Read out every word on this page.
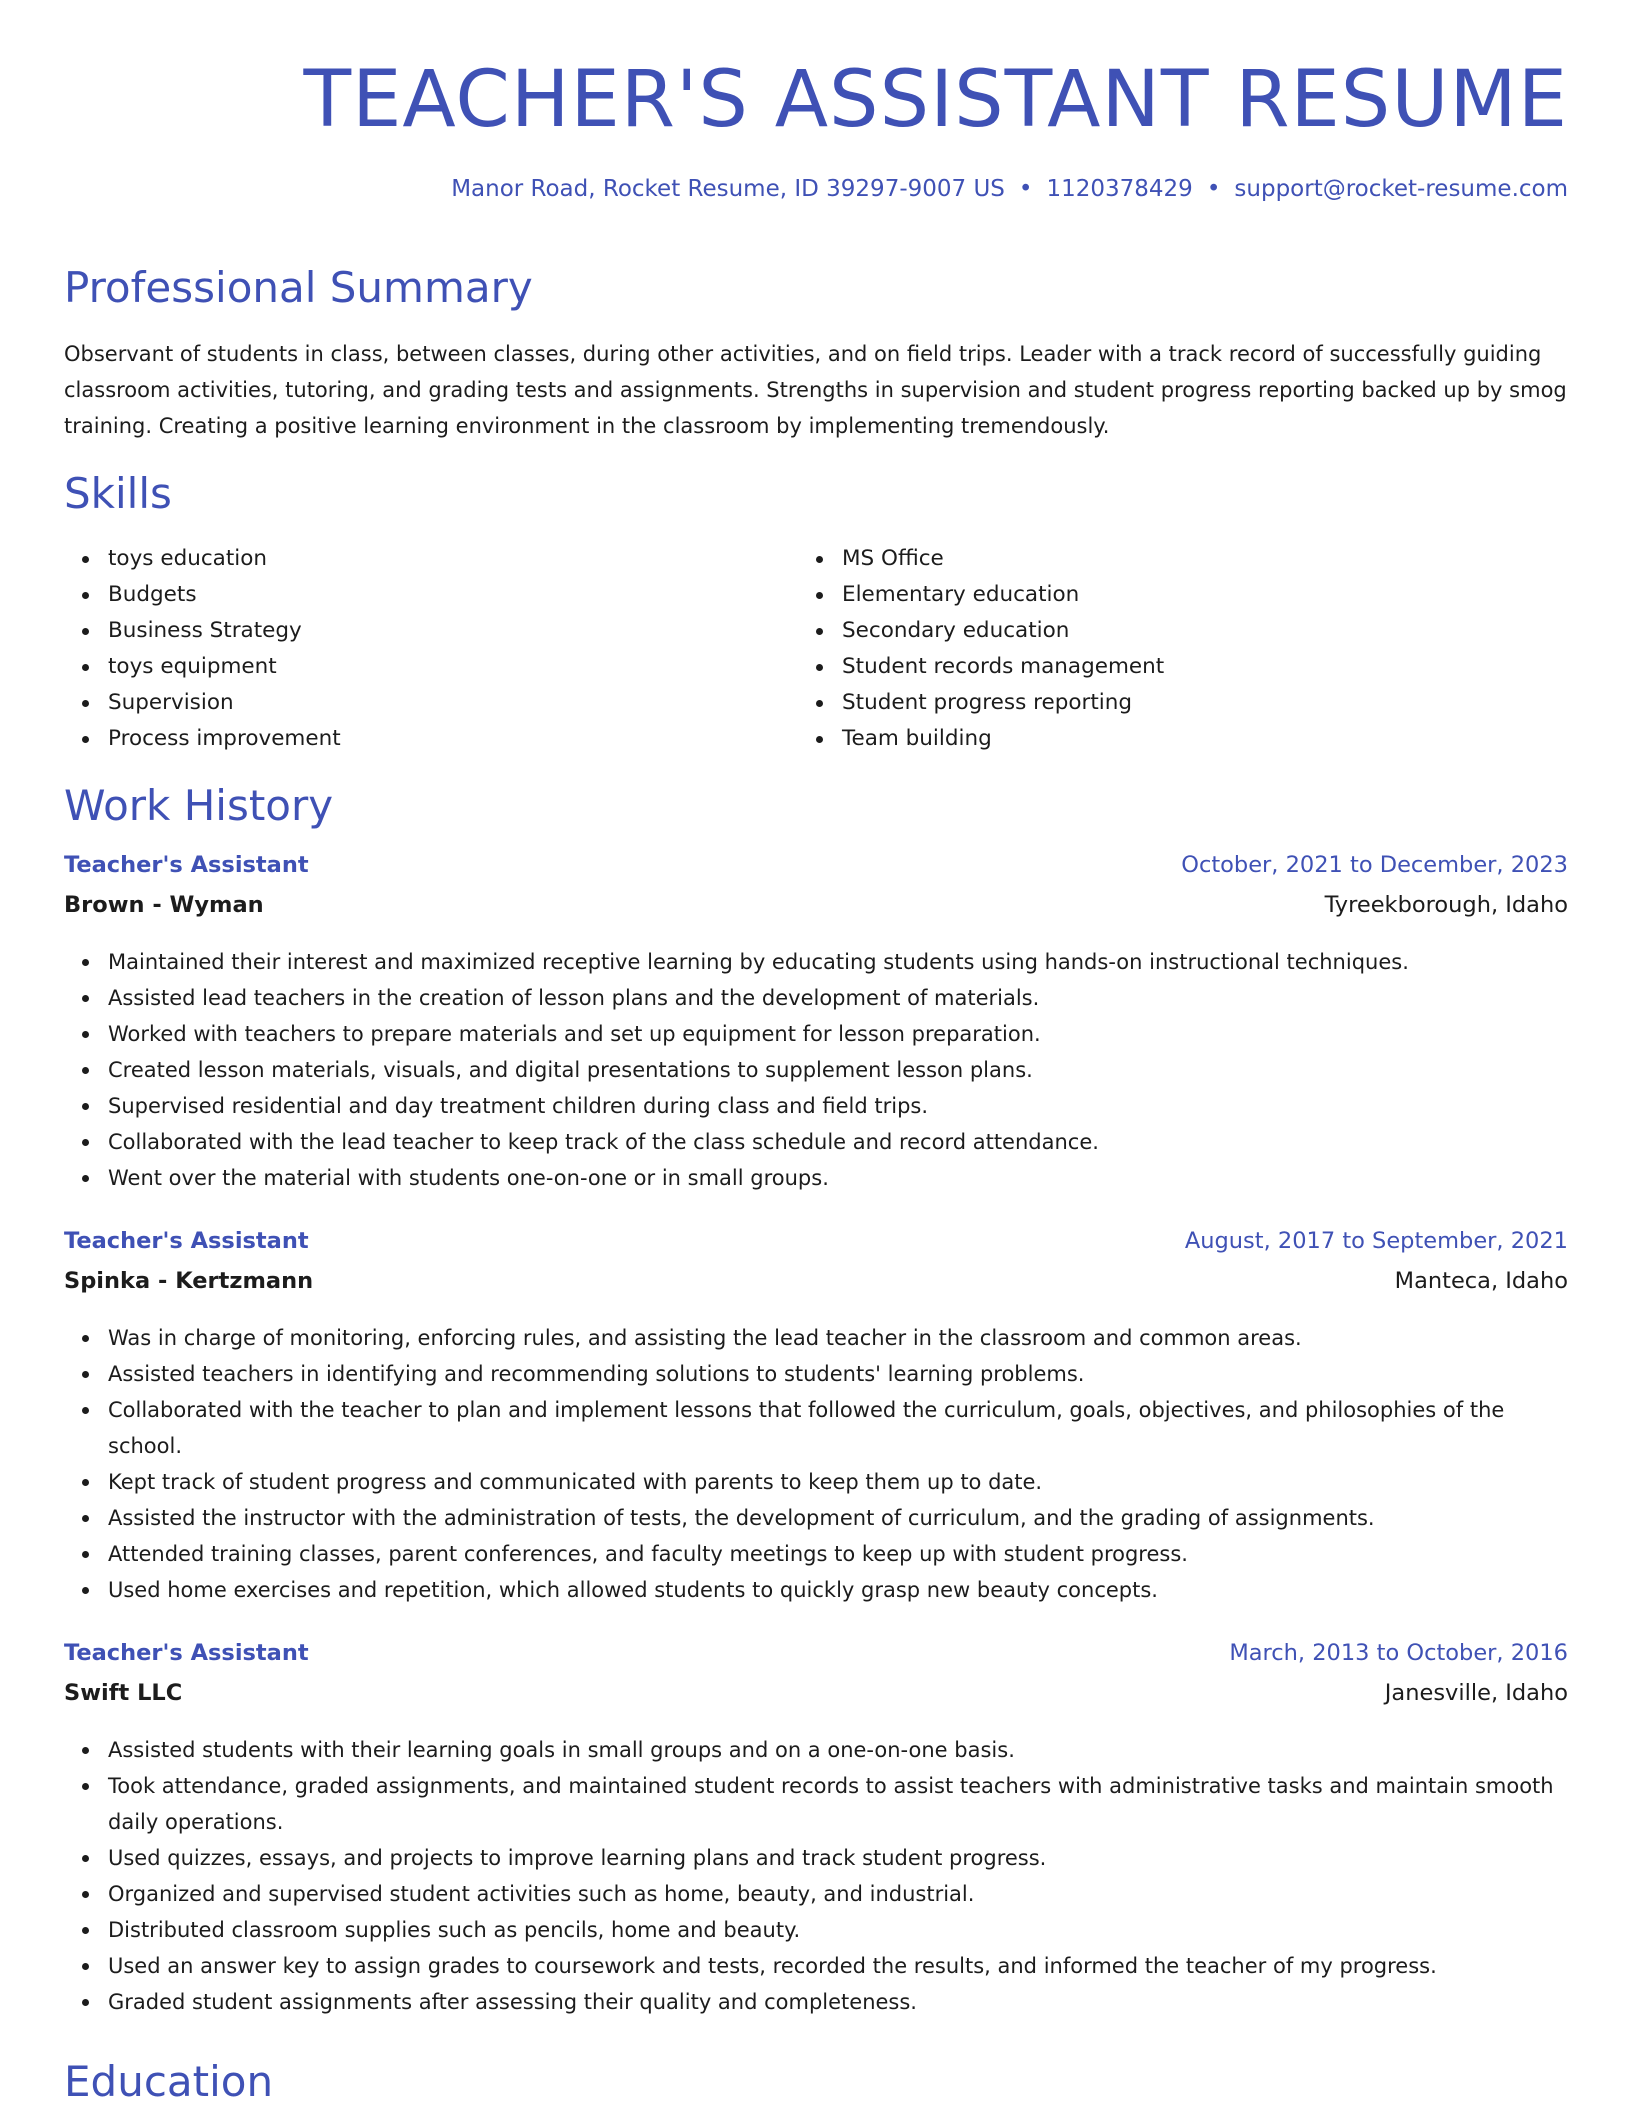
TEACHER'S ASSISTANT RESUME
Manor Road, Rocket Resume, ID 39297-9007 US • 1120378429 • support@rocket-resume.com
Professional Summary

Observant of students in class, between classes, during other activities, and on field trips. Leader with a track record of successfully guiding classroom activities, tutoring, and grading tests and assignments. Strengths in supervision and student progress reporting backed up by smog training. Creating a positive learning environment in the classroom by implementing tremendously.

Skills
toys education
Budgets
Business Strategy
toys equipment
Supervision
Process improvement
MS Office
Elementary education
Secondary education
Student records management
Student progress reporting
Team building
Work History
Teacher's Assistant	October, 2021 to December, 2023
Brown - Wyman	Tyreekborough, Idaho
Maintained their interest and maximized receptive learning by educating students using hands-on instructional techniques.
Assisted lead teachers in the creation of lesson plans and the development of materials.
Worked with teachers to prepare materials and set up equipment for lesson preparation.
Created lesson materials, visuals, and digital presentations to supplement lesson plans.
Supervised residential and day treatment children during class and field trips.
Collaborated with the lead teacher to keep track of the class schedule and record attendance.
Went over the material with students one-on-one or in small groups.
Teacher's Assistant	August, 2017 to September, 2021
Spinka - Kertzmann	Manteca, Idaho
Was in charge of monitoring, enforcing rules, and assisting the lead teacher in the classroom and common areas.
Assisted teachers in identifying and recommending solutions to students' learning problems.
Collaborated with the teacher to plan and implement lessons that followed the curriculum, goals, objectives, and philosophies of the school.
Kept track of student progress and communicated with parents to keep them up to date.
Assisted the instructor with the administration of tests, the development of curriculum, and the grading of assignments.
Attended training classes, parent conferences, and faculty meetings to keep up with student progress.
Used home exercises and repetition, which allowed students to quickly grasp new beauty concepts.
Teacher's Assistant	March, 2013 to October, 2016
Swift LLC	Janesville, Idaho
Assisted students with their learning goals in small groups and on a one-on-one basis.
Took attendance, graded assignments, and maintained student records to assist teachers with administrative tasks and maintain smooth daily operations.
Used quizzes, essays, and projects to improve learning plans and track student progress.
Organized and supervised student activities such as home, beauty, and industrial.
Distributed classroom supplies such as pencils, home and beauty.
Used an answer key to assign grades to coursework and tests, recorded the results, and informed the teacher of my progress.
Graded student assignments after assessing their quality and completeness.
Education
